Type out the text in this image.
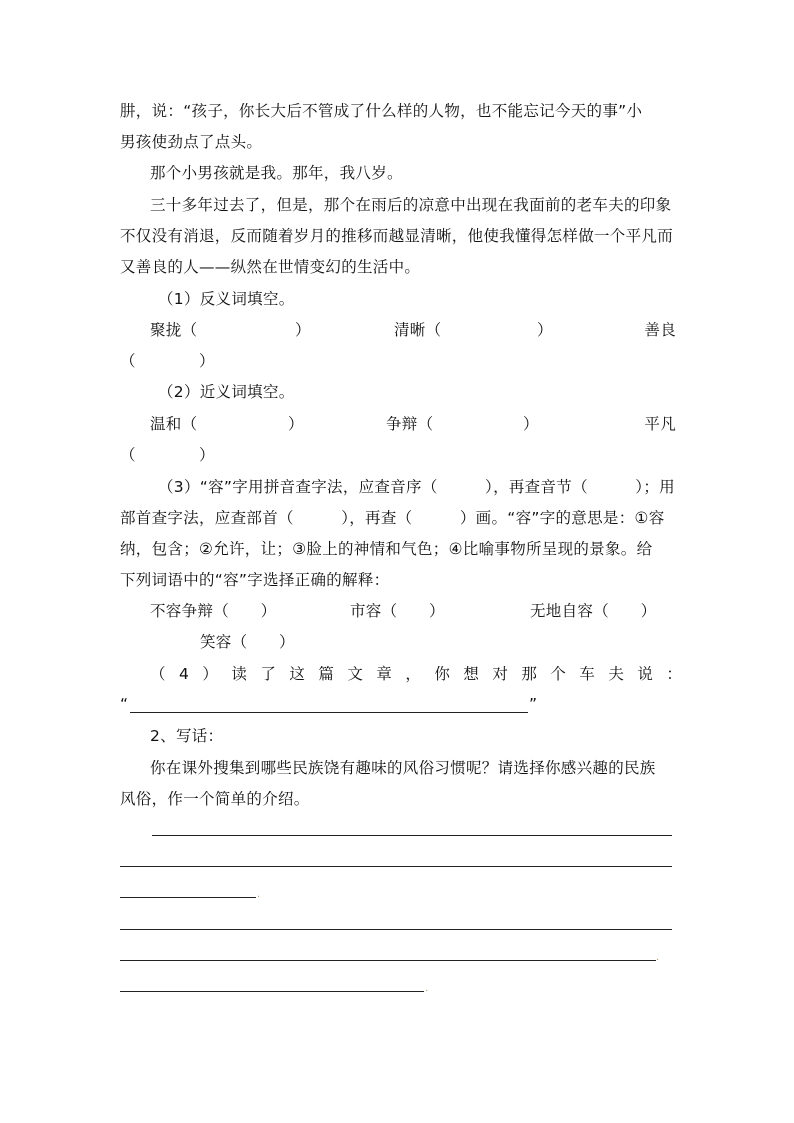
肼，说：“孩子，你长大后不管成了什么样的人物，也不能忘记今天的事”小
男孩使劲点了点头。
那个小男孩就是我。那年，我八岁。
三十多年过去了，但是，那个在雨后的凉意中出现在我面前的老车夫的印象
不仅没有消退，反而随着岁月的推移而越显清晰，他使我懂得怎样做一个平凡而
又善良的人——纵然在世情变幻的生活中。
（1）反义词填空。
聚拢（	）	清晰（	）	善良
（　　　　）
（2）近义词填空。
温和（	）	争辩（	）	平凡
（　　　　）
（3）“容”字用拼音查字法，应查音序（　　　），再查音节（　　　）；用
部首查字法，应查部首（　　　），再查（　　　）画。“容”字的意思是：①容
纳，包含；②允许，让；③脸上的神情和气色；④比喻事物所呈现的景象。给
下列词语中的“容”字选择正确的解释：
不容争辩（　　）	市容（　　）	无地自容（　　）
笑容（　　）
（4）读了这篇文章，你想对那个车夫说：
“	”
2、写话：
你在课外搜集到哪些民族饶有趣味的风俗习惯呢？请选择你感兴趣的民族
风俗，作一个简单的介绍。
.
.
.
